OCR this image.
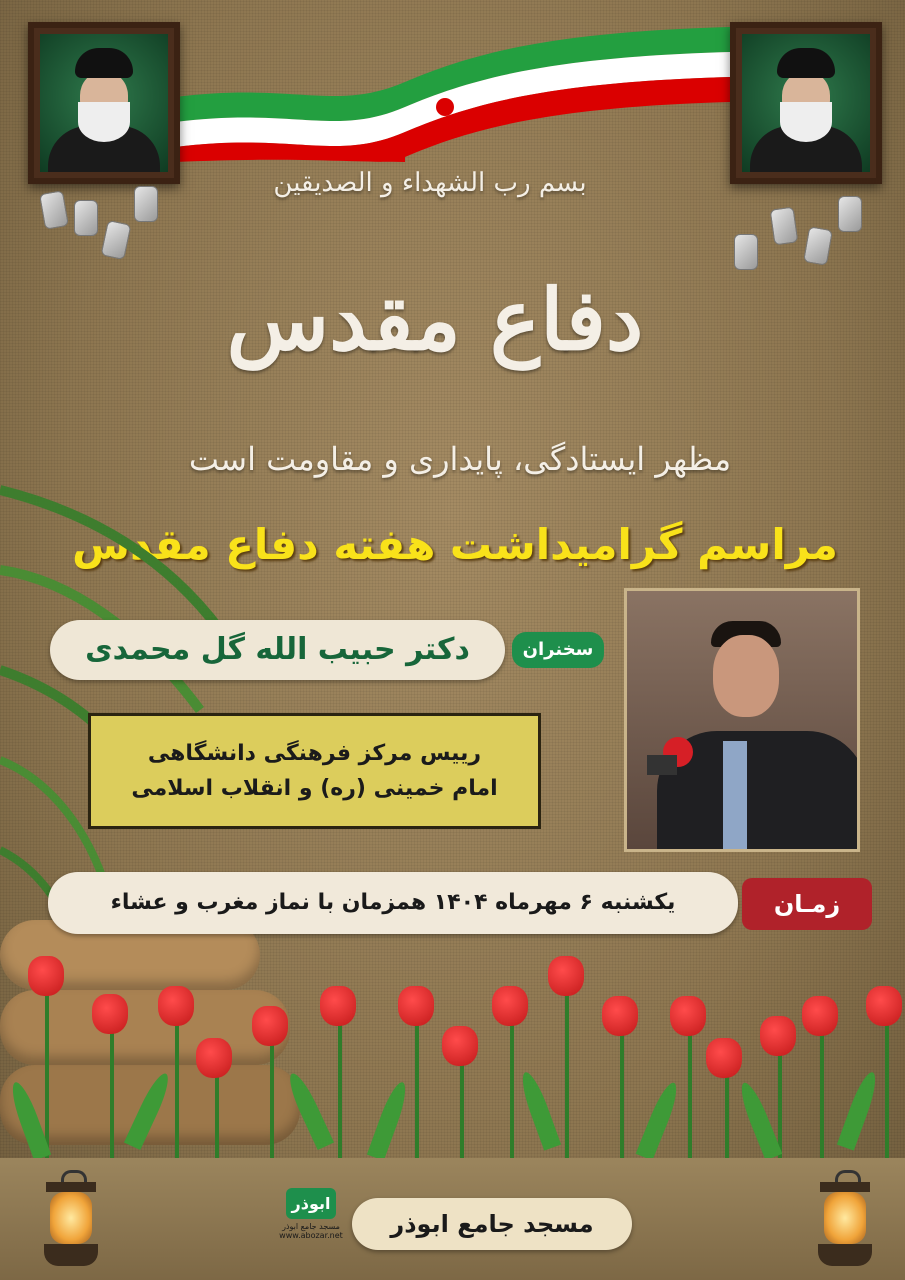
بسم رب الشهداء و الصدیقین
دفاع مقدس
مظهر ایستادگی، پایداری و مقاومت است
مراسم گرامیداشت هفته دفاع مقدس
سخنران
دکتر حبیب الله گل محمدی
رییس مرکز فرهنگی دانشگاهی
امام خمینی (ره) و انقلاب اسلامی
یکشنبه ۶ مهرماه ۱۴۰۴ همزمان با نماز مغرب و عشاء	زمـان
ابوذر
مسجد جامع ابوذر
www.abozar.net	مسجد جامع ابوذر
